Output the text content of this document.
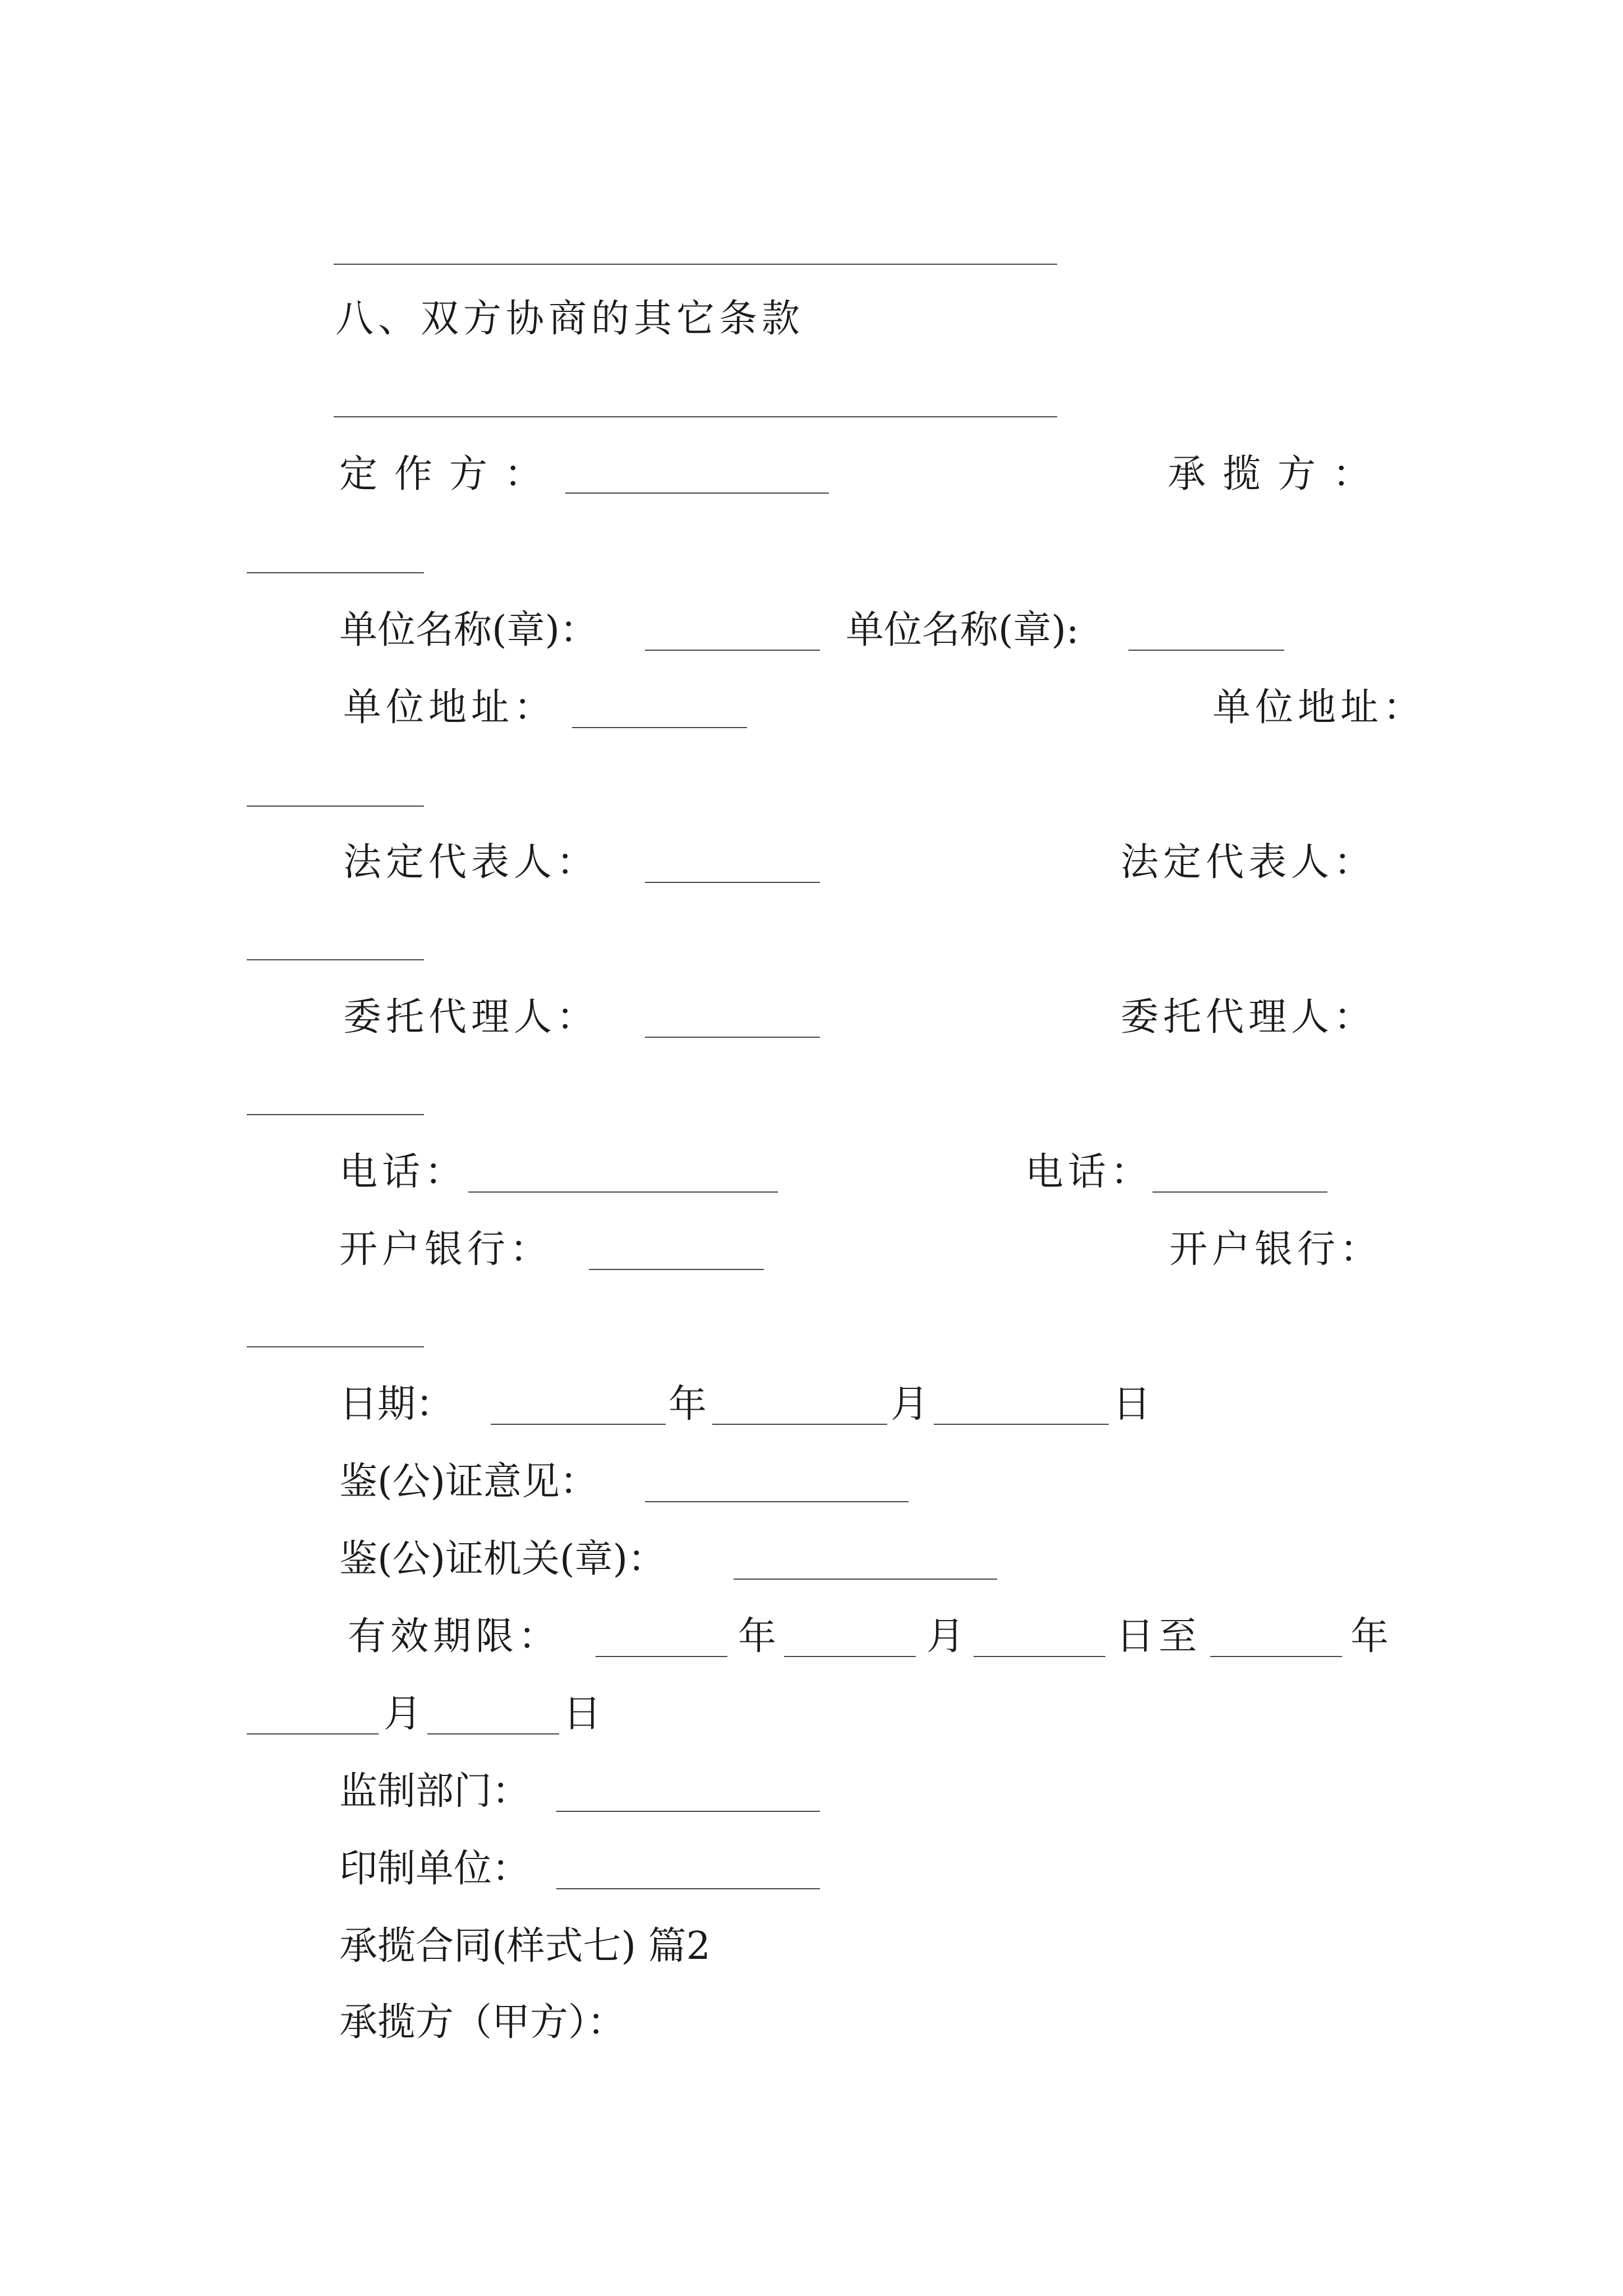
八、双方协商的其它条款
定作方：	承揽方：
单位名称(章)：	单位名称(章):
单位地址：	单位地址：
法定代表人：	法定代表人：
委托代理人：	委托代理人：
电话：	电话：
开户银行：	开户银行：
日期：	年	月	日
鉴(公)证意见：
鉴(公)证机关(章)：
有效期限：	年	月	日至	年
月	日
监制部门：
印制单位：
承揽合同(样式七) 篇2
承揽方（甲方）：
